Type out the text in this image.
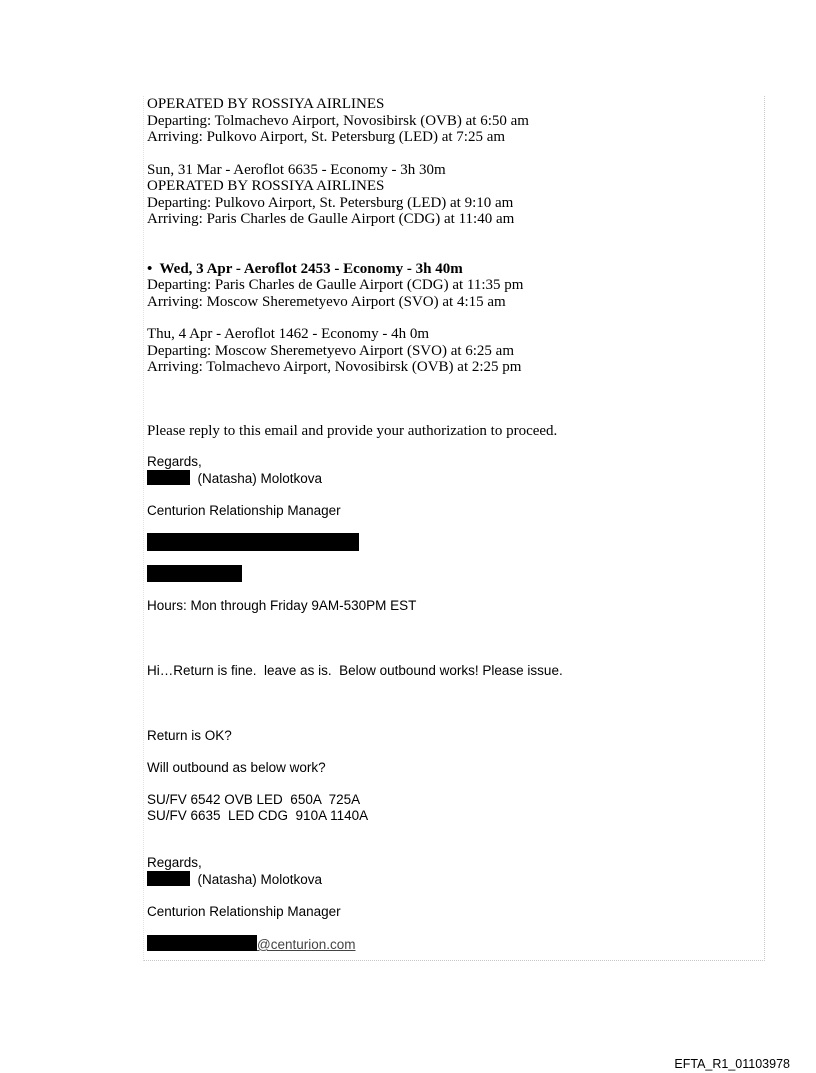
OPERATED BY ROSSIYA AIRLINES
Departing: Tolmachevo Airport, Novosibirsk (OVB) at 6:50 am
Arriving: Pulkovo Airport, St. Petersburg (LED) at 7:25 am
Sun, 31 Mar - Aeroflot 6635 - Economy - 3h 30m
OPERATED BY ROSSIYA AIRLINES
Departing: Pulkovo Airport, St. Petersburg (LED) at 9:10 am
Arriving: Paris Charles de Gaulle Airport (CDG) at 11:40 am
• Wed, 3 Apr - Aeroflot 2453 - Economy - 3h 40m
Departing: Paris Charles de Gaulle Airport (CDG) at 11:35 pm
Arriving: Moscow Sheremetyevo Airport (SVO) at 4:15 am
Thu, 4 Apr - Aeroflot 1462 - Economy - 4h 0m
Departing: Moscow Sheremetyevo Airport (SVO) at 6:25 am
Arriving: Tolmachevo Airport, Novosibirsk (OVB) at 2:25 pm
Please reply to this email and provide your authorization to proceed.
Regards,
(Natasha) Molotkova
Centurion Relationship Manager
Hours: Mon through Friday 9AM-530PM EST
Hi…Return is fine.  leave as is.  Below outbound works! Please issue.
Return is OK?
Will outbound as below work?
SU/FV 6542 OVB LED  650A  725A
SU/FV 6635  LED CDG  910A 1140A
Regards,
(Natasha) Molotkova
Centurion Relationship Manager
@centurion.com
EFTA_R1_01103978
